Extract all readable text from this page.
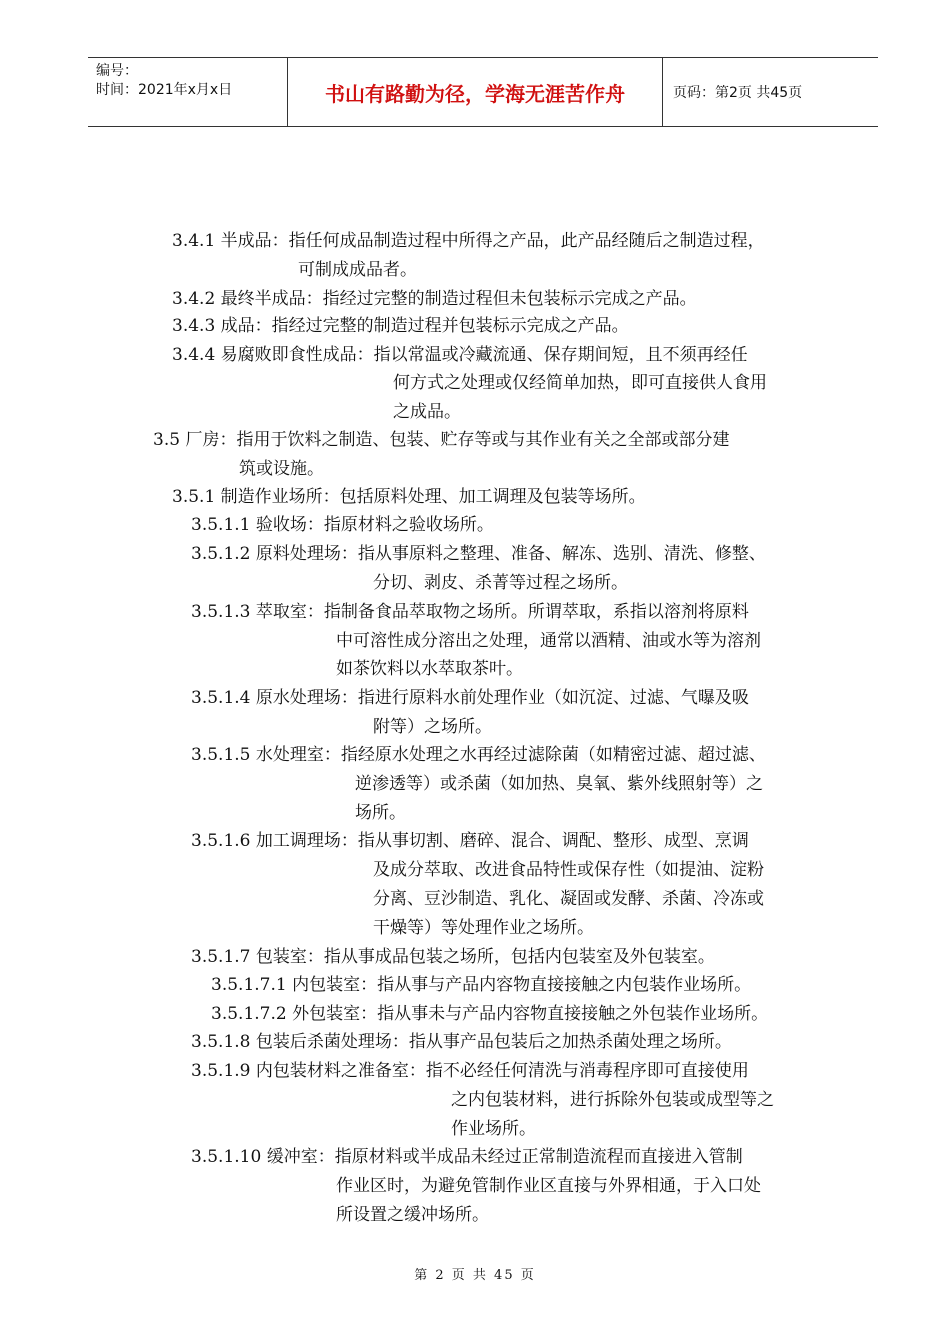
编号：
时间：2021年x月x日	书山有路勤为径，学海无涯苦作舟	页码：第2页 共45页
3.4.1 半成品：指任何成品制造过程中所得之产品，此产品经随后之制造过程，
可制成成品者。
3.4.2 最终半成品：指经过完整的制造过程但未包装标示完成之产品。
3.4.3 成品：指经过完整的制造过程并包装标示完成之产品。
3.4.4 易腐败即食性成品：指以常温或冷藏流通、保存期间短，且不须再经任
何方式之处理或仅经简单加热，即可直接供人食用
之成品。
3.5 厂房：指用于饮料之制造、包装、贮存等或与其作业有关之全部或部分建
筑或设施。
3.5.1 制造作业场所：包括原料处理、加工调理及包装等场所。
3.5.1.1 验收场：指原材料之验收场所。
3.5.1.2 原料处理场：指从事原料之整理、准备、解冻、选别、清洗、修整、
分切、剥皮、杀菁等过程之场所。
3.5.1.3 萃取室：指制备食品萃取物之场所。所谓萃取，系指以溶剂将原料
中可溶性成分溶出之处理，通常以酒精、油或水等为溶剂
如茶饮料以水萃取茶叶。
3.5.1.4 原水处理场：指进行原料水前处理作业（如沉淀、过滤、气曝及吸
附等）之场所。
3.5.1.5 水处理室：指经原水处理之水再经过滤除菌（如精密过滤、超过滤、
逆渗透等）或杀菌（如加热、臭氧、紫外线照射等）之
场所。
3.5.1.6 加工调理场：指从事切割、磨碎、混合、调配、整形、成型、烹调
及成分萃取、改进食品特性或保存性（如提油、淀粉
分离、豆沙制造、乳化、凝固或发酵、杀菌、冷冻或
干燥等）等处理作业之场所。
3.5.1.7 包装室：指从事成品包装之场所，包括内包装室及外包装室。
3.5.1.7.1 内包装室：指从事与产品内容物直接接触之内包装作业场所。
3.5.1.7.2 外包装室：指从事未与产品内容物直接接触之外包装作业场所。
3.5.1.8 包装后杀菌处理场：指从事产品包装后之加热杀菌处理之场所。
3.5.1.9 内包装材料之准备室：指不必经任何清洗与消毒程序即可直接使用
之内包装材料，进行拆除外包装或成型等之
作业场所。
3.5.1.10 缓冲室：指原材料或半成品未经过正常制造流程而直接进入管制
作业区时，为避免管制作业区直接与外界相通，于入口处
所设置之缓冲场所。
第 2 页 共 45 页
